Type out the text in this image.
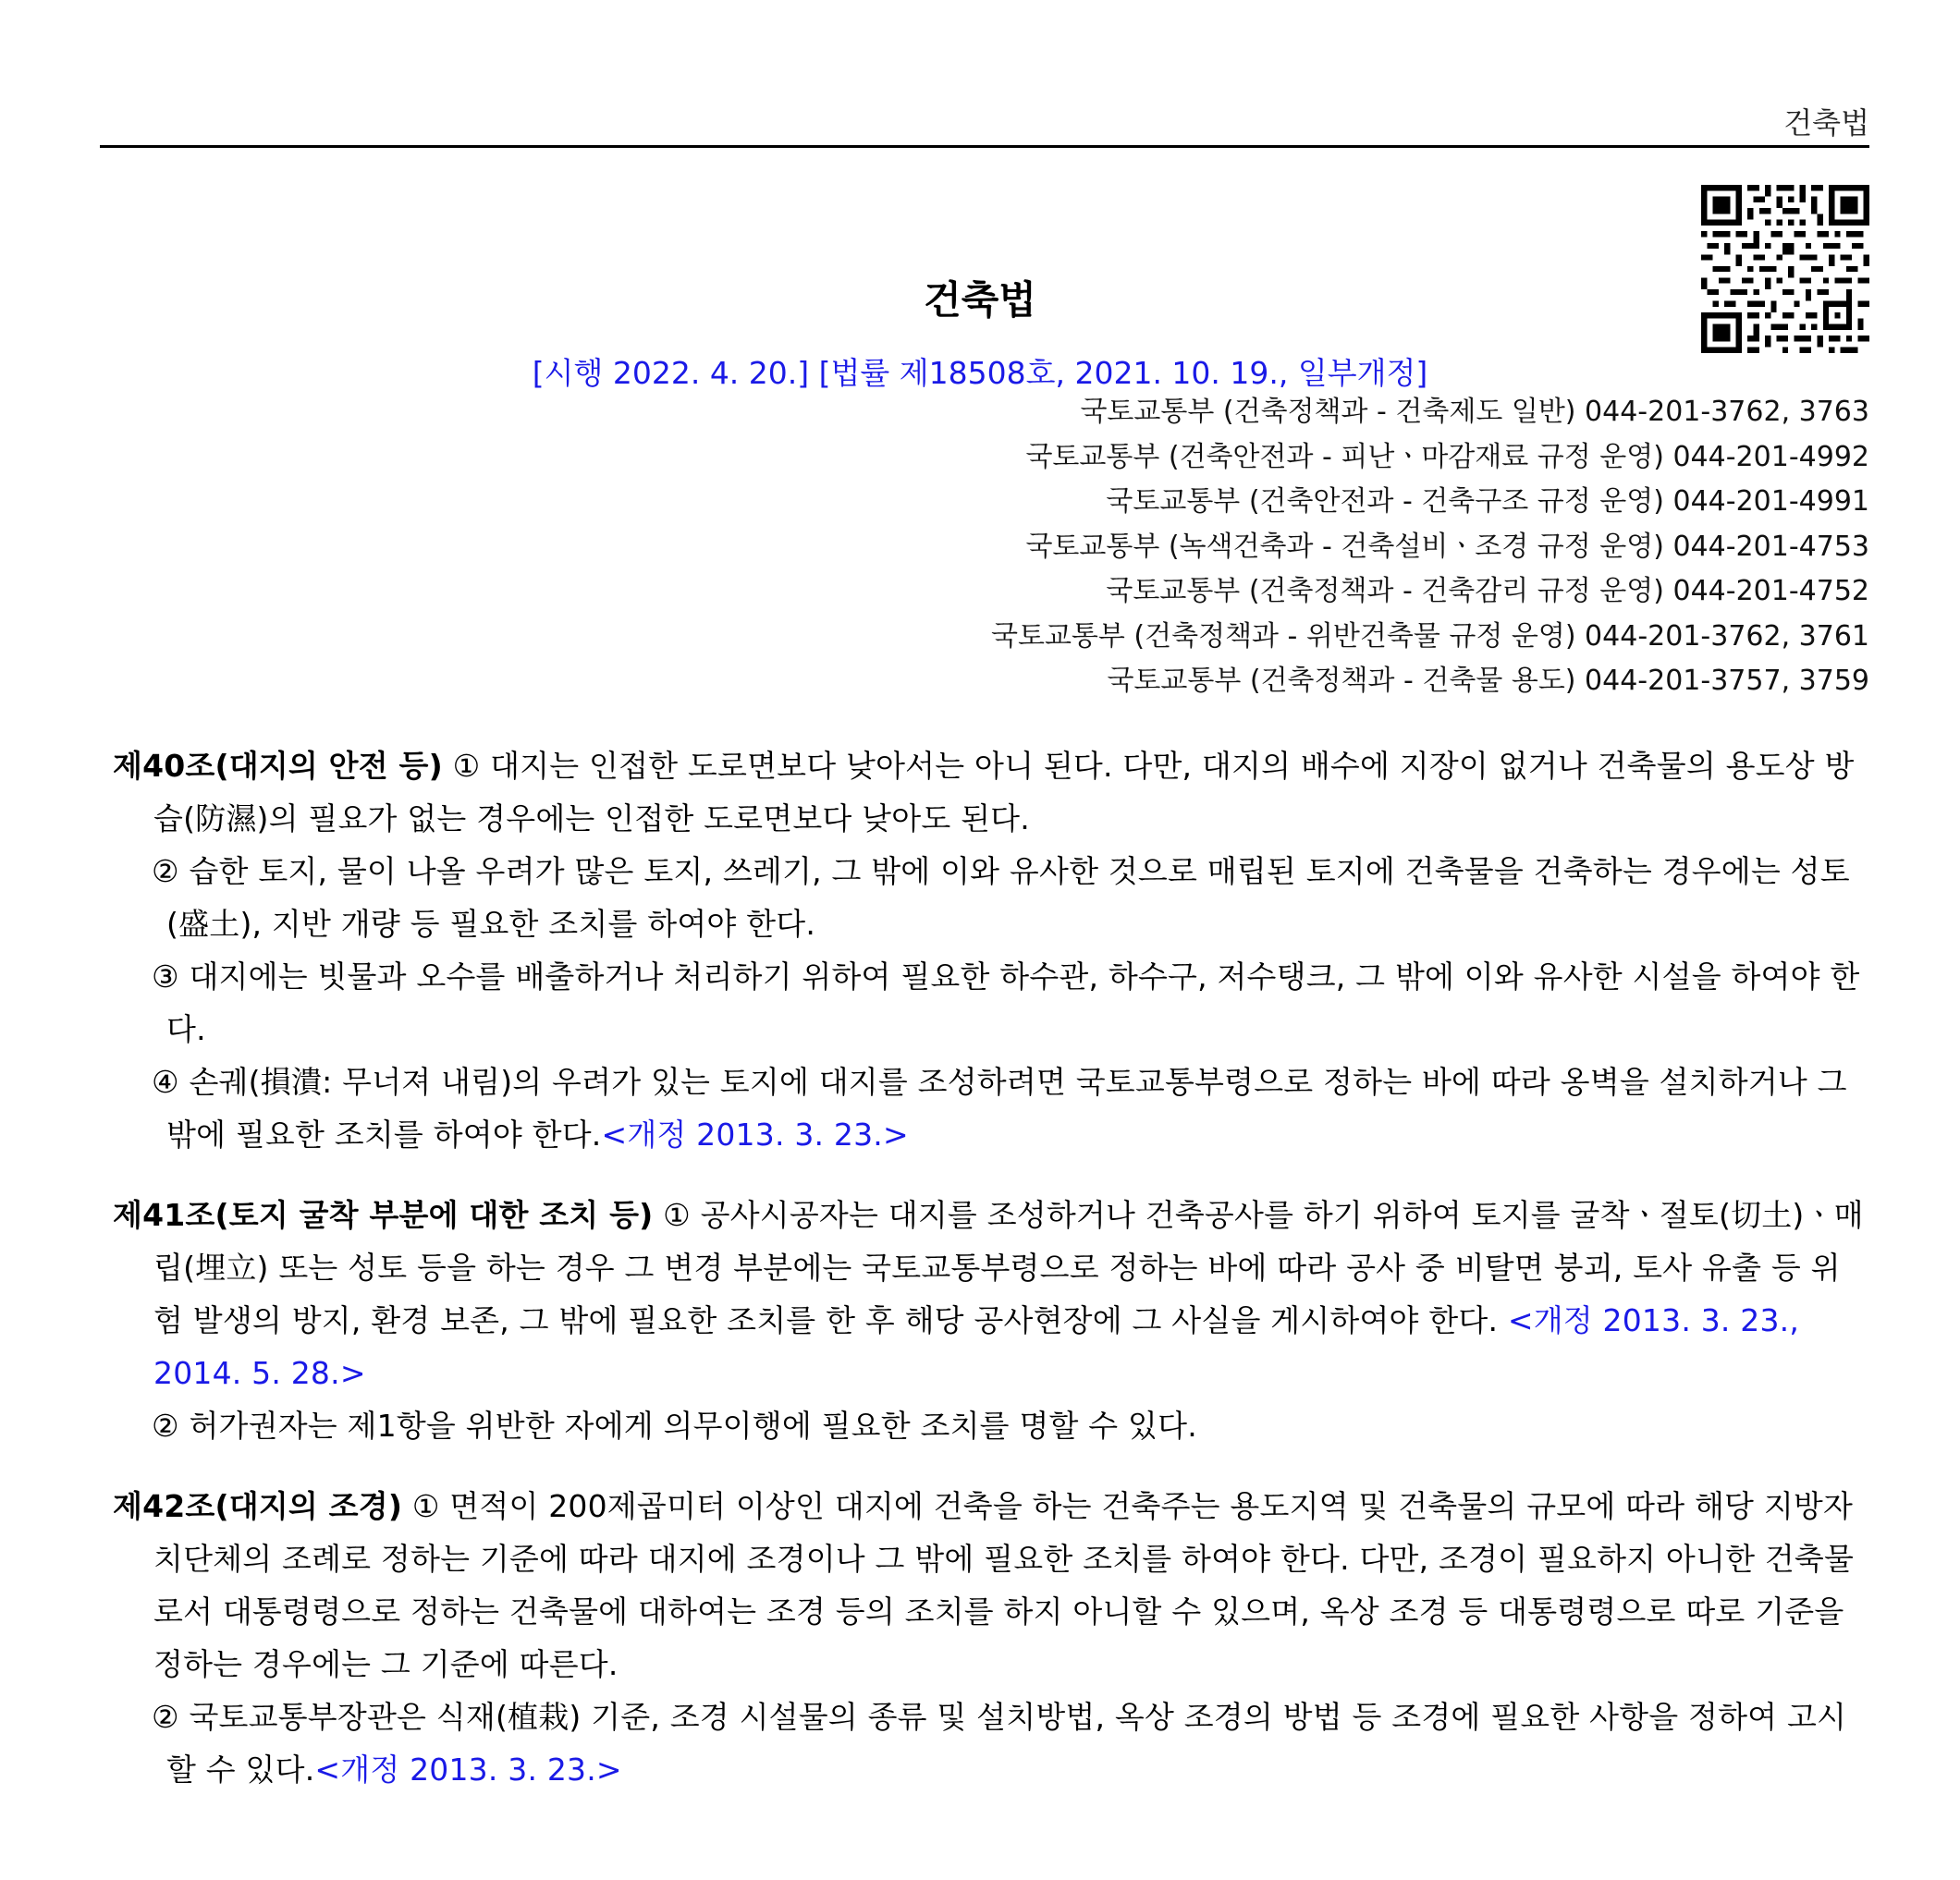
건축법
건축법
[시행 2022. 4. 20.] [법률 제18508호, 2021. 10. 19., 일부개정]
국토교통부 (건축정책과 - 건축제도 일반) 044-201-3762, 3763
국토교통부 (건축안전과 - 피난ㆍ마감재료 규정 운영) 044-201-4992
국토교통부 (건축안전과 - 건축구조 규정 운영) 044-201-4991
국토교통부 (녹색건축과 - 건축설비ㆍ조경 규정 운영) 044-201-4753
국토교통부 (건축정책과 - 건축감리 규정 운영) 044-201-4752
국토교통부 (건축정책과 - 위반건축물 규정 운영) 044-201-3762, 3761
국토교통부 (건축정책과 - 건축물 용도) 044-201-3757, 3759
제40조(대지의 안전 등) ① 대지는 인접한 도로면보다 낮아서는 아니 된다. 다만, 대지의 배수에 지장이 없거나 건축물의 용도상 방습(防濕)의 필요가 없는 경우에는 인접한 도로면보다 낮아도 된다.
② 습한 토지, 물이 나올 우려가 많은 토지, 쓰레기, 그 밖에 이와 유사한 것으로 매립된 토지에 건축물을 건축하는 경우에는 성토(盛土), 지반 개량 등 필요한 조치를 하여야 한다.
③ 대지에는 빗물과 오수를 배출하거나 처리하기 위하여 필요한 하수관, 하수구, 저수탱크, 그 밖에 이와 유사한 시설을 하여야 한다.
④ 손궤(損潰: 무너져 내림)의 우려가 있는 토지에 대지를 조성하려면 국토교통부령으로 정하는 바에 따라 옹벽을 설치하거나 그 밖에 필요한 조치를 하여야 한다.<개정 2013. 3. 23.>
제41조(토지 굴착 부분에 대한 조치 등) ① 공사시공자는 대지를 조성하거나 건축공사를 하기 위하여 토지를 굴착ㆍ절토(切土)ㆍ매립(埋立) 또는 성토 등을 하는 경우 그 변경 부분에는 국토교통부령으로 정하는 바에 따라 공사 중 비탈면 붕괴, 토사 유출 등 위험 발생의 방지, 환경 보존, 그 밖에 필요한 조치를 한 후 해당 공사현장에 그 사실을 게시하여야 한다. <개정 2013. 3. 23., 2014. 5. 28.>
② 허가권자는 제1항을 위반한 자에게 의무이행에 필요한 조치를 명할 수 있다.
제42조(대지의 조경) ① 면적이 200제곱미터 이상인 대지에 건축을 하는 건축주는 용도지역 및 건축물의 규모에 따라 해당 지방자치단체의 조례로 정하는 기준에 따라 대지에 조경이나 그 밖에 필요한 조치를 하여야 한다. 다만, 조경이 필요하지 아니한 건축물로서 대통령령으로 정하는 건축물에 대하여는 조경 등의 조치를 하지 아니할 수 있으며, 옥상 조경 등 대통령령으로 따로 기준을 정하는 경우에는 그 기준에 따른다.
② 국토교통부장관은 식재(植栽) 기준, 조경 시설물의 종류 및 설치방법, 옥상 조경의 방법 등 조경에 필요한 사항을 정하여 고시할 수 있다.<개정 2013. 3. 23.>
